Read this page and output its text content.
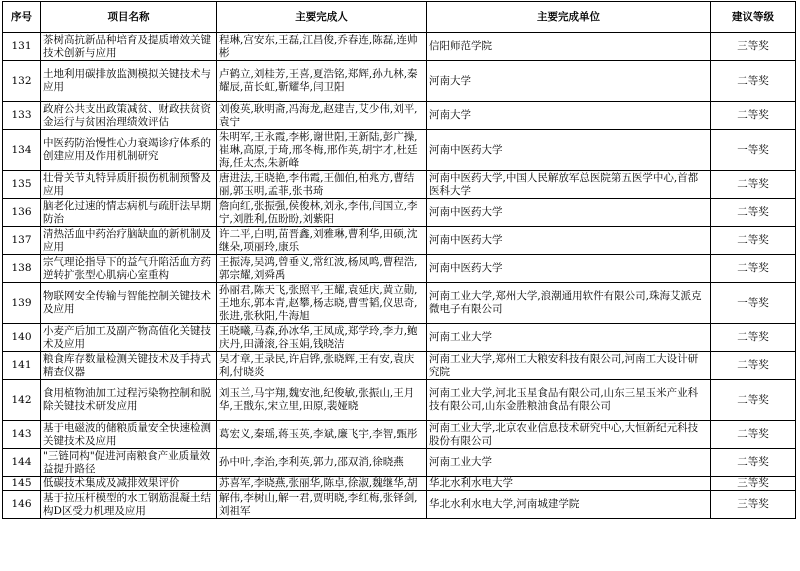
序号	项目名称	主要完成人	主要完成单位	建议等级
131	茶树高抗新品种培育及提质增效关键技术创新与应用	程琳,宫安东,王磊,江昌俊,乔春连,陈磊,连帅彬	信阳师范学院	三等奖
132	土地利用碳排放监测模拟关键技术与应用	卢鹤立,刘桂芳,王喜,夏浩铭,郑辉,孙九林,秦耀辰,苗长虹,靳耀华,闫卫阳	河南大学	二等奖
133	政府公共支出政策减贫、财政扶贫资金运行与贫困治理绩效评估	刘俊英,耿明斋,冯海龙,赵建吉,艾少伟,刘平,袁宁	河南大学	二等奖
134	中医药防治慢性心力衰竭诊疗体系的创建应用及作用机制研究	朱明军,王永霞,李彬,谢世阳,王新陆,彭广操,崔琳,高原,于琦,邢冬梅,邢作英,胡宇才,杜廷海,任太杰,朱新峰	河南中医药大学	一等奖
135	壮骨关节丸特异质肝损伤机制预警及应用	唐进法,王晓艳,李伟霞,王伽伯,柏兆方,曹结丽,郭玉明,孟菲,张书琦	河南中医药大学,中国人民解放军总医院第五医学中心,首都医科大学	二等奖
136	脑老化过速的情志病机与疏肝法早期防治	詹向红,张振强,侯俊林,刘永,李伟,闫国立,李宁,刘胜利,伍盼盼,刘紫阳	河南中医药大学	二等奖
137	清热活血中药治疗脑缺血的新机制及应用	许二平,白明,苗晋鑫,刘雅琳,曹利华,田硕,沈继朵,项丽玲,康乐	河南中医药大学	二等奖
138	宗气理论指导下的益气升陷活血方药逆转扩张型心肌病心室重构	王振涛,吴鸿,曾垂义,常红波,杨凤鸣,曹程浩,郭宗耀,刘舜禹	河南中医药大学	二等奖
139	物联网安全传输与智能控制关键技术及应用	孙丽君,陈天飞,张照平,王耀,袁延庆,黄立勋,王地东,郭本青,赵攀,杨志晓,曹雪韬,仪思奇,张进,张秋阳,牛海旭	河南工业大学,郑州大学,浪潮通用软件有限公司,珠海艾派克微电子有限公司	一等奖
140	小麦产后加工及副产物高值化关键技术及应用	王晓曦,马森,孙冰华,王凤成,郑学玲,李力,鲍庆丹,田潇滚,谷玉娟,钱晓洁	河南工业大学	二等奖
141	粮食库存数量检测关键技术及手持式精查仪器	吴才章,王录民,许启铧,张晓辉,王有安,袁庆利,付晓炎	河南工业大学,郑州工大粮安科技有限公司,河南工大设计研究院	二等奖
142	食用植物油加工过程污染物控制和脱除关键技术研发应用	刘玉兰,马宇翔,魏安池,纪俊敏,张振山,王月华,王戬东,宋立里,田原,裴娅晓	河南工业大学,河北玉星食品有限公司,山东三星玉米产业科技有限公司,山东金胜粮油食品有限公司	二等奖
143	基于电磁波的储粮质量安全快速检测关键技术及应用	葛宏义,秦瑶,蒋玉英,李斌,廉飞宇,李智,甄彤	河南工业大学,北京农业信息技术研究中心,大恒新纪元科技股份有限公司	二等奖
144	"三链同构"促进河南粮食产业质量效益提升路径	孙中叶,李治,李利英,郭力,邵双消,徐晓燕	河南工业大学	二等奖
145	低碳技术集成及减排效果评价	苏喜军,李晓燕,张丽华,陈卓,徐淑,魏继华,胡	华北水利水电大学	三等奖
146	基于拉压杆模型的水工钢筋混凝土结构D区受力机理及应用	解伟,李树山,解一君,贾明晓,李红梅,张铎剑,刘祖军	华北水利水电大学,河南城建学院	三等奖
